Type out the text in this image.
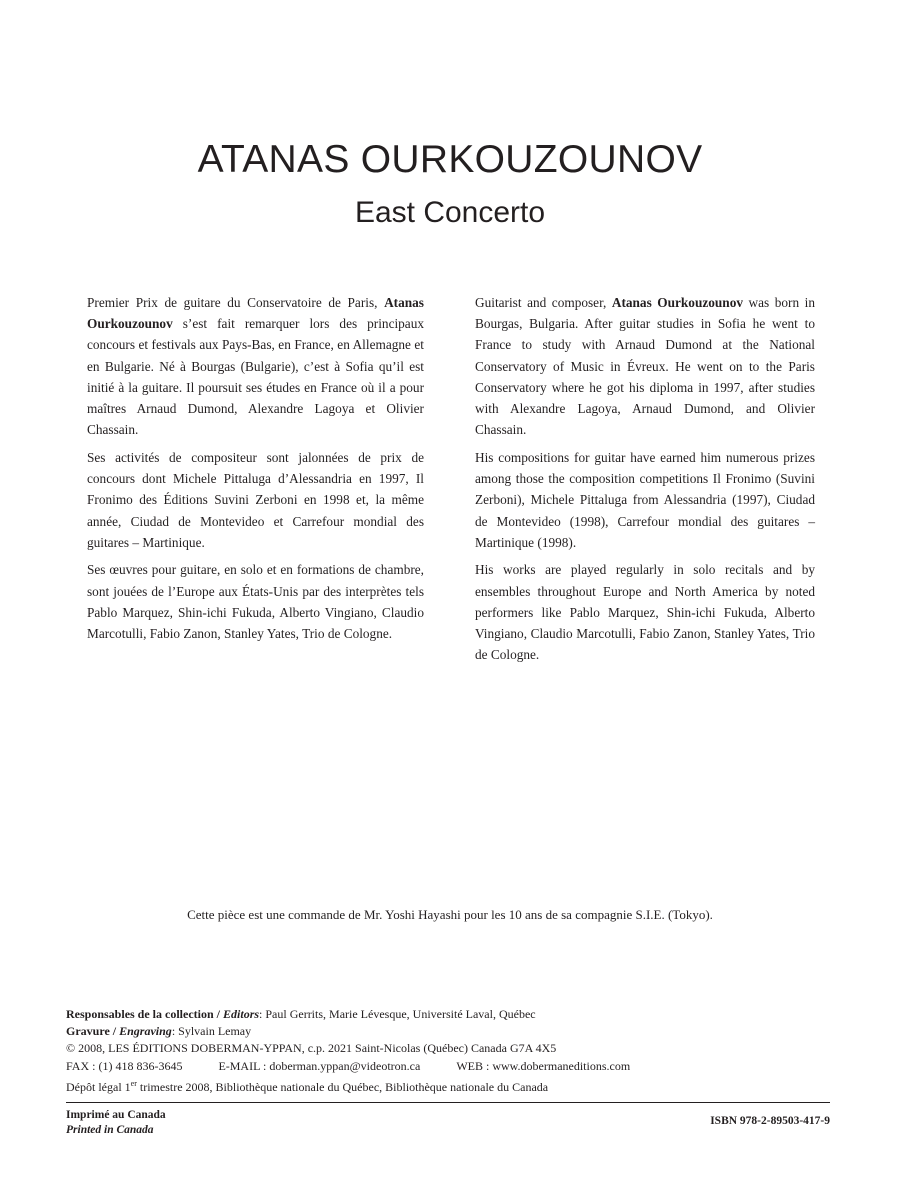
ATANAS OURKOUZOUNOV
East Concerto

Premier Prix de guitare du Conservatoire de Paris, Atanas Ourkouzounov s’est fait remarquer lors des principaux concours et festivals aux Pays-Bas, en France, en Allemagne et en Bulgarie. Né à Bourgas (Bulgarie), c’est à Sofia qu’il est initié à la guitare. Il poursuit ses études en France où il a pour maîtres Arnaud Dumond, Alexandre Lagoya et Olivier Chassain.

Ses activités de compositeur sont jalonnées de prix de concours dont Michele Pittaluga d’Alessandria en 1997, Il Fronimo des Éditions Suvini Zerboni en 1998 et, la même année, Ciudad de Montevideo et Carrefour mondial des guitares – Martinique.

Ses œuvres pour guitare, en solo et en formations de chambre, sont jouées de l’Europe aux États-Unis par des interprètes tels Pablo Marquez, Shin-ichi Fukuda, Alberto Vingiano, Claudio Marcotulli, Fabio Zanon, Stanley Yates, Trio de Cologne.

Guitarist and composer, Atanas Ourkouzounov was born in Bourgas, Bulgaria. After guitar studies in Sofia he went to France to study with Arnaud Dumond at the National Conservatory of Music in Évreux. He went on to the Paris Conservatory where he got his diploma in 1997, after studies with Alexandre Lagoya, Arnaud Dumond, and Olivier Chassain.

His compositions for guitar have earned him numerous prizes among those the composition competitions Il Fronimo (Suvini Zerboni), Michele Pittaluga from Alessandria (1997), Ciudad de Montevideo (1998), Carrefour mondial des guitares – Martinique (1998).

His works are played regularly in solo recitals and by ensembles throughout Europe and North America by noted performers like Pablo Marquez, Shin-ichi Fukuda, Alberto Vingiano, Claudio Marcotulli, Fabio Zanon, Stanley Yates, Trio de Cologne.

Cette pièce est une commande de Mr. Yoshi Hayashi pour les 10 ans de sa compagnie S.I.E. (Tokyo).

Responsables de la collection / Editors: Paul Gerrits, Marie Lévesque, Université Laval, Québec
Gravure / Engraving: Sylvain Lemay
© 2008, LES ÉDITIONS DOBERMAN-YPPAN, c.p. 2021 Saint-Nicolas (Québec) Canada G7A 4X5
FAX : (1) 418 836-3645	E-MAIL : doberman.yppan@videotron.ca	WEB : www.dobermaneditions.com
Dépôt légal 1er trimestre 2008, Bibliothèque nationale du Québec, Bibliothèque nationale du Canada
Imprimé au Canada
Printed in Canada
ISBN 978-2-89503-417-9
